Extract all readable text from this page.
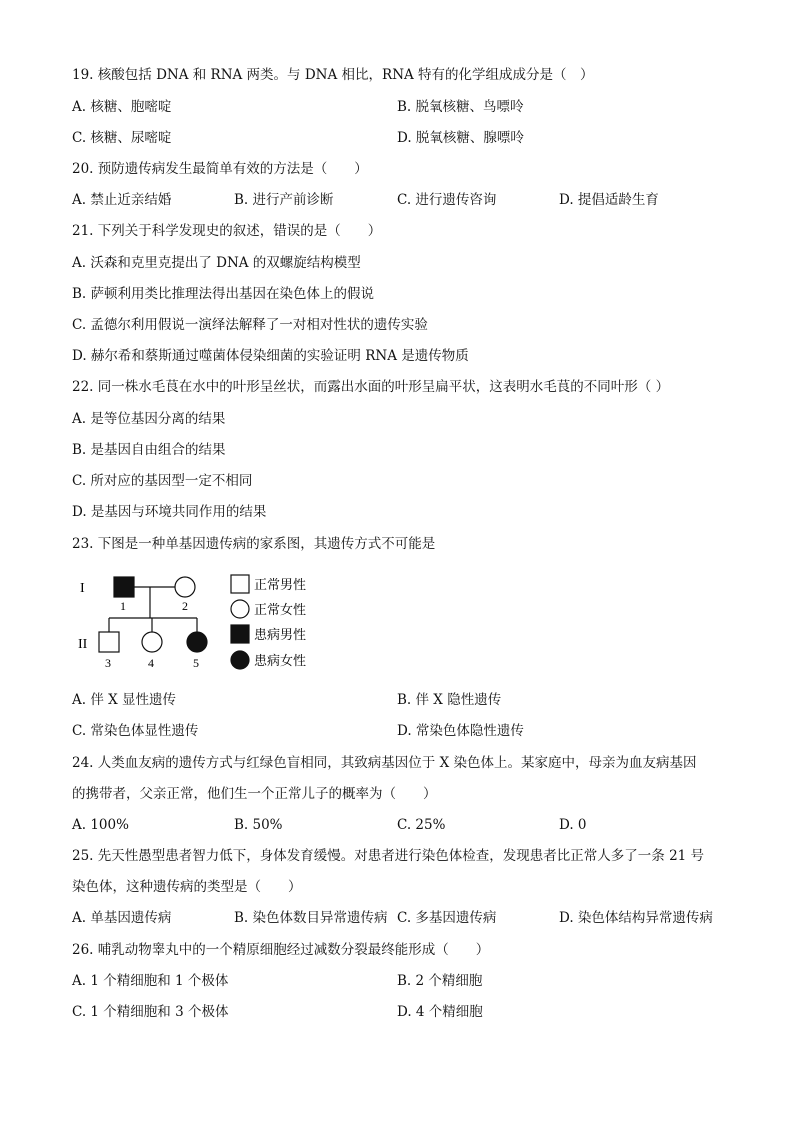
19. 核酸包括 DNA 和 RNA 两类。与 DNA 相比，RNA 特有的化学组成成分是（　）
A. 核糖、胞嘧啶	B. 脱氧核糖、鸟嘌呤
C. 核糖、尿嘧啶	D. 脱氧核糖、腺嘌呤
20. 预防遗传病发生最简单有效的方法是（　　）
A. 禁止近亲结婚	B. 进行产前诊断	C. 进行遗传咨询	D. 提倡适龄生育
21. 下列关于科学发现史的叙述，错误的是（　　）
A. 沃森和克里克提出了 DNA 的双螺旋结构模型
B. 萨顿利用类比推理法得出基因在染色体上的假说
C. 孟德尔利用假说一演绎法解释了一对相对性状的遗传实验
D. 赫尔希和蔡斯通过噬菌体侵染细菌的实验证明 RNA 是遗传物质
22. 同一株水毛茛在水中的叶形呈丝状，而露出水面的叶形呈扁平状，这表明水毛茛的不同叶形（ ）
A. 是等位基因分离的结果
B. 是基因自由组合的结果
C. 所对应的基因型一定不相同
D. 是基因与环境共同作用的结果
23. 下图是一种单基因遗传病的家系图，其遗传方式不可能是
I
II
1	2
3	4	5
正常男性
正常女性
患病男性
患病女性
A. 伴 X 显性遗传	B. 伴 X 隐性遗传
C. 常染色体显性遗传	D. 常染色体隐性遗传
24. 人类血友病的遗传方式与红绿色盲相同，其致病基因位于 X 染色体上。某家庭中，母亲为血友病基因
的携带者，父亲正常，他们生一个正常儿子的概率为（　　）
A. 100%	B. 50%	C. 25%	D. 0
25. 先天性愚型患者智力低下，身体发育缓慢。对患者进行染色体检查，发现患者比正常人多了一条 21 号
染色体，这种遗传病的类型是（　　）
A. 单基因遗传病	B. 染色体数目异常遗传病 C. 多基因遗传病	D. 染色体结构异常遗传病
26. 哺乳动物睾丸中的一个精原细胞经过减数分裂最终能形成（　　）
A. 1 个精细胞和 1 个极体	B. 2 个精细胞
C. 1 个精细胞和 3 个极体	D. 4 个精细胞
